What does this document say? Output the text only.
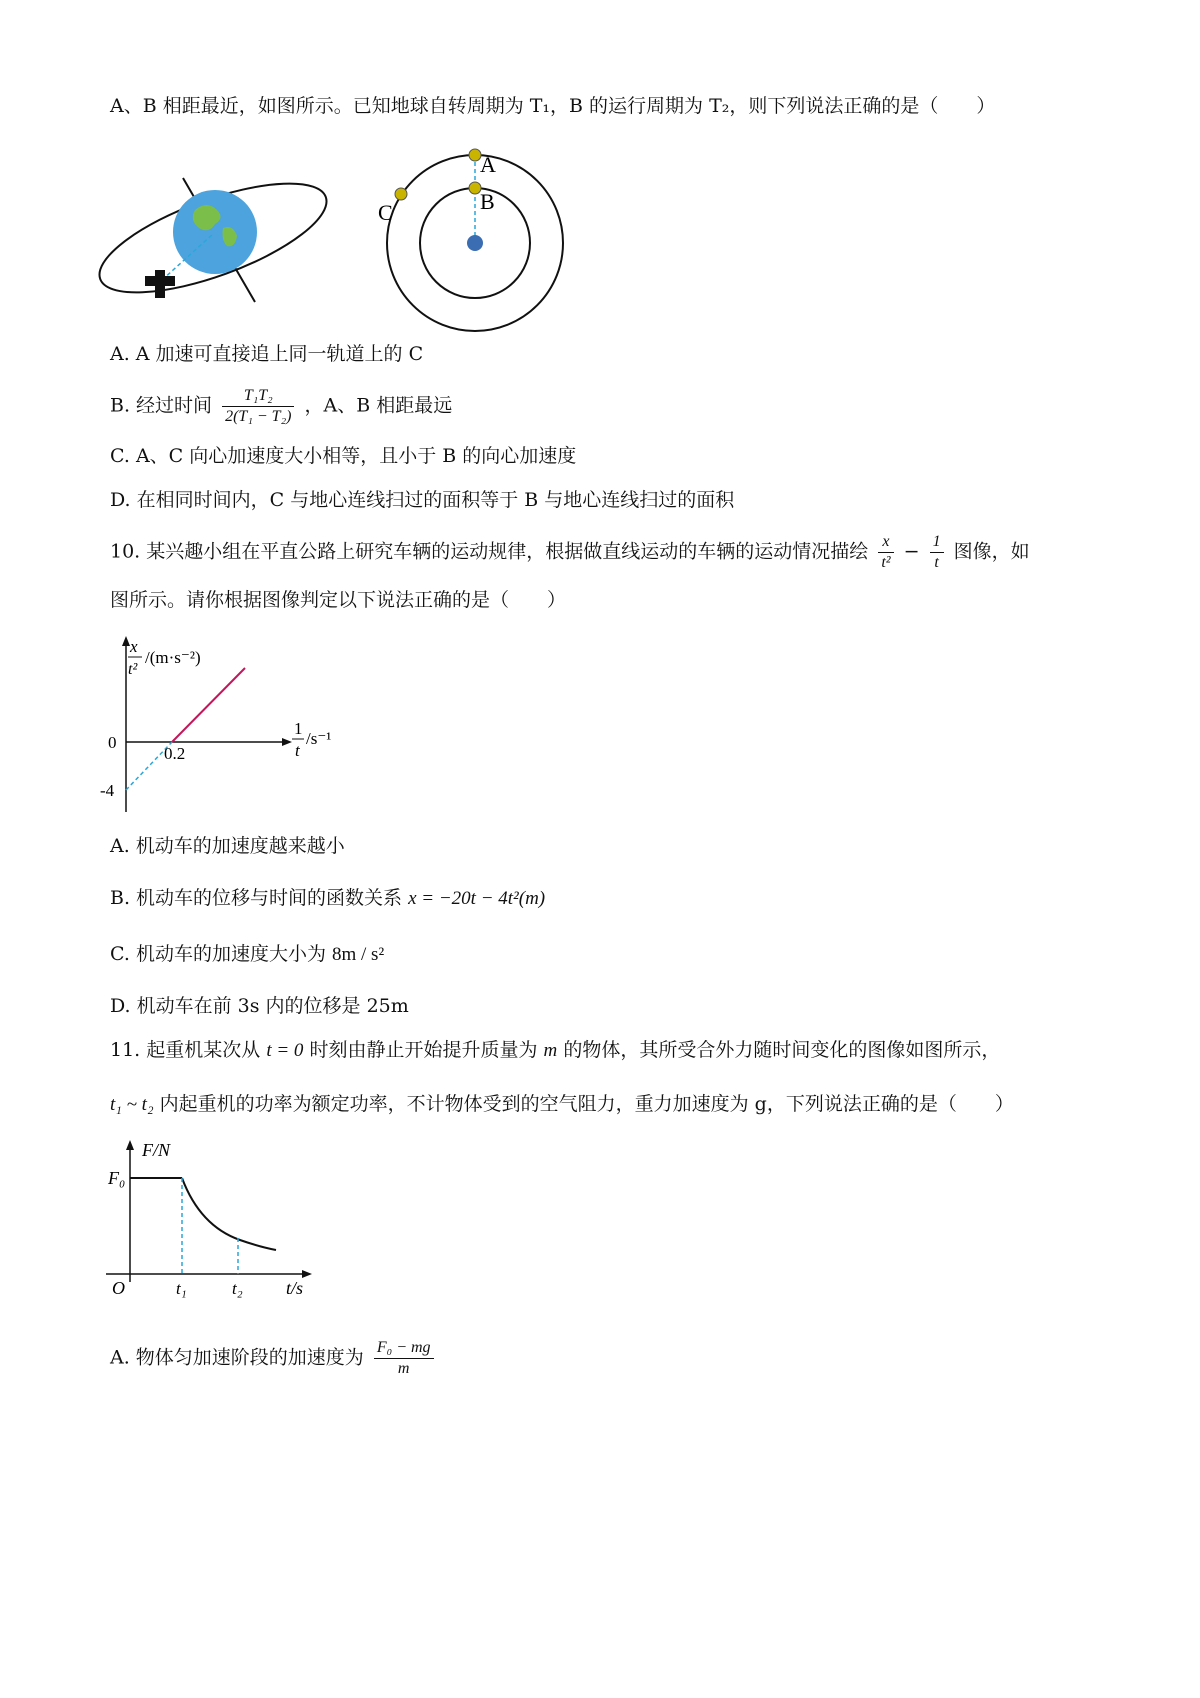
A、B 相距最近，如图所示。已知地球自转周期为 T₁，B 的运行周期为 T₂，则下列说法正确的是（　　）
A
B
C
A. A 加速可直接追上同一轨道上的 C
B. 经过时间 $\frac{\text{T₁T₂}}{\text{2(T₁ − T₂)}}$ ，A、B 相距最远
C. A、C 向心加速度大小相等，且小于 B 的向心加速度
D. 在相同时间内，C 与地心连线扫过的面积等于 B 与地心连线扫过的面积
10. 某兴趣小组在平直公路上研究车辆的运动规律，根据做直线运动的车辆的运动情况描绘 $\frac{x}{\text{t²}} - \frac{1}{t}$ 图像，如
图所示。请你根据图像判定以下说法正确的是（　　）
x
t²
/(m·s⁻²)
1
t
/s⁻¹
0
0.2
-4
A. 机动车的加速度越来越小
B. 机动车的位移与时间的函数关系 x = −20t − 4t²(m)
C. 机动车的加速度大小为 8m / s²
D. 机动车在前 3s 内的位移是 25m
11. 起重机某次从 t = 0 时刻由静止开始提升质量为 m 的物体，其所受合外力随时间变化的图像如图所示，
t₁ ~ t₂ 内起重机的功率为额定功率，不计物体受到的空气阻力，重力加速度为 g，下列说法正确的是（　　）
F/N
F₀
O	t₁	t₂ t/s
A. 物体匀加速阶段的加速度为 $\frac{\text{F₀ − mg}}{m}$
